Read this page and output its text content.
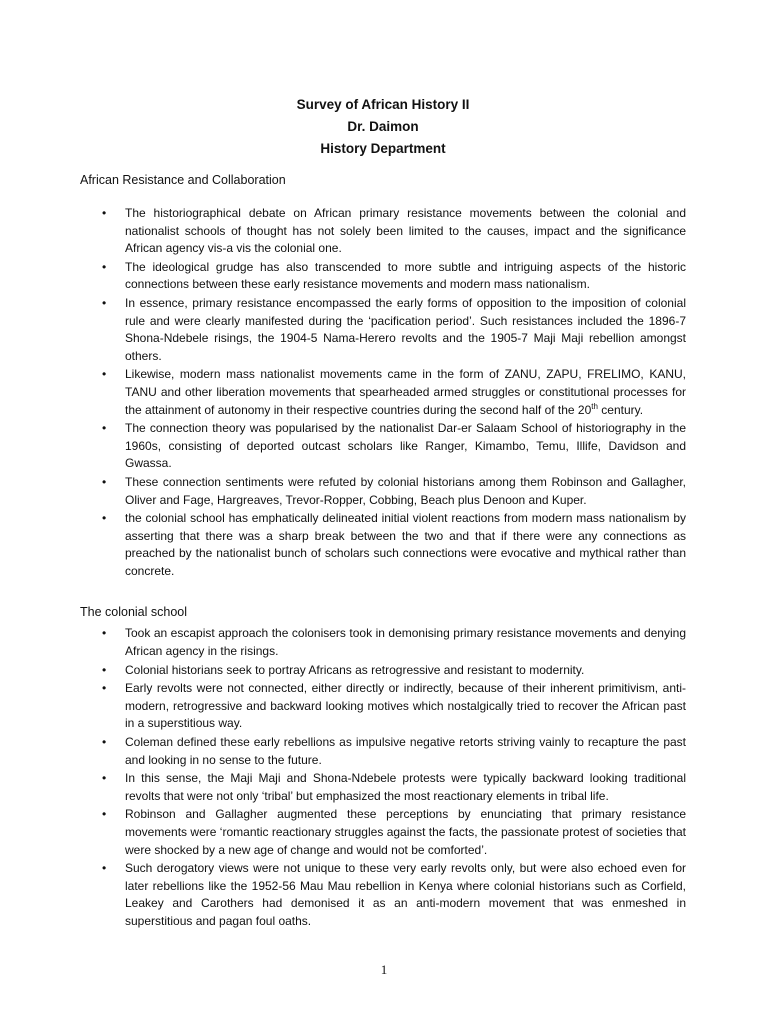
Survey of African History II
Dr. Daimon
History Department
African Resistance and Collaboration
• The historiographical debate on African primary resistance movements between the colonial and nationalist schools of thought has not solely been limited to the causes, impact and the significance African agency vis-a vis the colonial one.
• The ideological grudge has also transcended to more subtle and intriguing aspects of the historic connections between these early resistance movements and modern mass nationalism.
• In essence, primary resistance encompassed the early forms of opposition to the imposition of colonial rule and were clearly manifested during the ‘pacification period’. Such resistances included the 1896-7 Shona-Ndebele risings, the 1904-5 Nama-Herero revolts and the 1905-7 Maji Maji rebellion amongst others.
• Likewise, modern mass nationalist movements came in the form of ZANU, ZAPU, FRELIMO, KANU, TANU and other liberation movements that spearheaded armed struggles or constitutional processes for the attainment of autonomy in their respective countries during the second half of the 20th century.
• The connection theory was popularised by the nationalist Dar-er Salaam School of historiography in the 1960s, consisting of deported outcast scholars like Ranger, Kimambo, Temu, Illife, Davidson and Gwassa.
• These connection sentiments were refuted by colonial historians among them Robinson and Gallagher, Oliver and Fage, Hargreaves, Trevor-Ropper, Cobbing, Beach plus Denoon and Kuper.
• the colonial school has emphatically delineated initial violent reactions from modern mass nationalism by asserting that there was a sharp break between the two and that if there were any connections as preached by the nationalist bunch of scholars such connections were evocative and mythical rather than concrete.
The colonial school
• Took an escapist approach the colonisers took in demonising primary resistance movements and denying African agency in the risings.
• Colonial historians seek to portray Africans as retrogressive and resistant to modernity.
• Early revolts were not connected, either directly or indirectly, because of their inherent primitivism, anti-modern, retrogressive and backward looking motives which nostalgically tried to recover the African past in a superstitious way.
• Coleman defined these early rebellions as impulsive negative retorts striving vainly to recapture the past and looking in no sense to the future.
• In this sense, the Maji Maji and Shona-Ndebele protests were typically backward looking traditional revolts that were not only ‘tribal’ but emphasized the most reactionary elements in tribal life.
• Robinson and Gallagher augmented these perceptions by enunciating that primary resistance movements were ‘romantic reactionary struggles against the facts, the passionate protest of societies that were shocked by a new age of change and would not be comforted’.
• Such derogatory views were not unique to these very early revolts only, but were also echoed even for later rebellions like the 1952-56 Mau Mau rebellion in Kenya where colonial historians such as Corfield, Leakey and Carothers had demonised it as an anti-modern movement that was enmeshed in superstitious and pagan foul oaths.
1
